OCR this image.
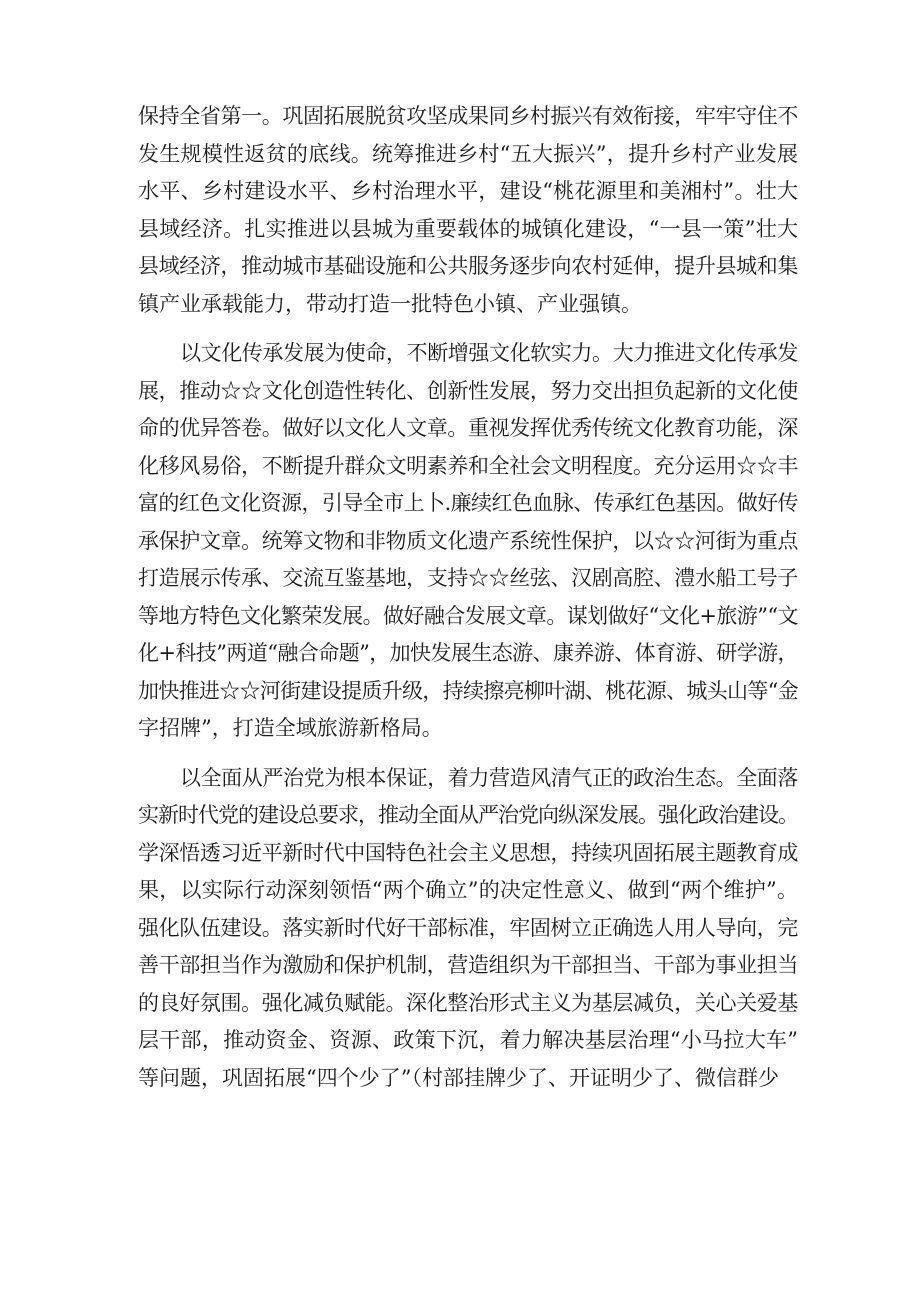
保持全省第一。巩固拓展脱贫攻坚成果同乡村振兴有效衔接，牢牢守住不
发生规模性返贫的底线。统筹推进乡村“五大振兴”，提升乡村产业发展
水平、乡村建设水平、乡村治理水平，建设“桃花源里和美湘村”。壮大
县域经济。扎实推进以县城为重要载体的城镇化建设，“一县一策”壮大
县域经济，推动城市基础设施和公共服务逐步向农村延伸，提升县城和集
镇产业承载能力，带动打造一批特色小镇、产业强镇。
以文化传承发展为使命，不断增强文化软实力。大力推进文化传承发
展，推动☆☆文化创造性转化、创新性发展，努力交出担负起新的文化使
命的优异答卷。做好以文化人文章。重视发挥优秀传统文化教育功能，深
化移风易俗，不断提升群众文明素养和全社会文明程度。充分运用☆☆丰
富的红色文化资源，引导全市上卜.廉续红色血脉、传承红色基因。做好传
承保护文章。统筹文物和非物质文化遗产系统性保护，以☆☆河街为重点
打造展示传承、交流互鉴基地，支持☆☆丝弦、汉剧高腔、澧水船工号子
等地方特色文化繁荣发展。做好融合发展文章。谋划做好“文化+旅游”“文
化+科技”两道“融合命题”，加快发展生态游、康养游、体育游、研学游，
加快推进☆☆河街建设提质升级，持续擦亮柳叶湖、桃花源、城头山等“金
字招牌”，打造全域旅游新格局。
以全面从严治党为根本保证，着力营造风清气正的政治生态。全面落
实新时代党的建设总要求，推动全面从严治党向纵深发展。强化政治建设。
学深悟透习近平新时代中国特色社会主义思想，持续巩固拓展主题教育成
果，以实际行动深刻领悟“两个确立”的决定性意义、做到“两个维护”。
强化队伍建设。落实新时代好干部标准，牢固树立正确选人用人导向，完
善干部担当作为激励和保护机制，营造组织为干部担当、干部为事业担当
的良好氛围。强化减负赋能。深化整治形式主义为基层减负，关心关爱基
层干部，推动资金、资源、政策下沉，着力解决基层治理“小马拉大车”
等问题，巩固拓展“四个少了”（村部挂牌少了、开证明少了、微信群少
